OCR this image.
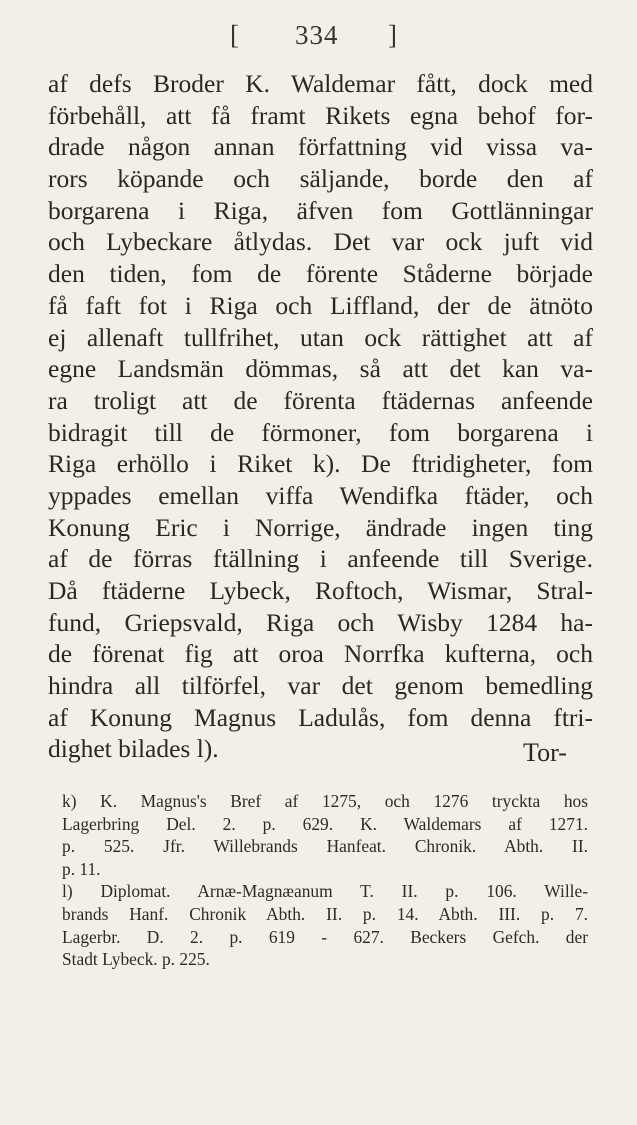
[ 334 ]
af defs Broder K. Waldemar fått, dock med
förbehåll, att få framt Rikets egna behof for-
drade någon annan författning vid vissa va-
rors köpande och säljande, borde den af
borgarena i Riga, äfven fom Gottlänningar
och Lybeckare åtlydas. Det var ock juft vid
den tiden, fom de förente Ståderne började
få faft fot i Riga och Liffland, der de ätnöto
ej allenaft tullfrihet, utan ock rättighet att af
egne Landsmän dömmas, så att det kan va-
ra troligt att de förenta ftädernas anfeende
bidragit till de förmoner, fom borgarena i
Riga erhöllo i Riket k). De ftridigheter, fom
yppades emellan viffa Wendifka ftäder, och
Konung Eric i Norrige, ändrade ingen ting
af de förras ftällning i anfeende till Sverige.
Då ftäderne Lybeck, Roftoch, Wismar, Stral-
fund, Griepsvald, Riga och Wisby 1284 ha-
de förenat fig att oroa Norrfka kufterna, och
hindra all tilförfel, var det genom bemedling
af Konung Magnus Ladulås, fom denna ftri-
dighet bilades l).	Tor-
k) K. Magnus's Bref af 1275, och 1276 tryckta hos
Lagerbring Del. 2. p. 629. K. Waldemars af 1271.
p. 525. Jfr. Willebrands Hanfeat. Chronik. Abth. II.
p. 11.
l) Diplomat. Arnæ-Magnæanum T. II. p. 106. Wille-
brands Hanf. Chronik Abth. II. p. 14. Abth. III. p. 7.
Lagerbr. D. 2. p. 619 - 627. Beckers Gefch. der
Stadt Lybeck. p. 225.
